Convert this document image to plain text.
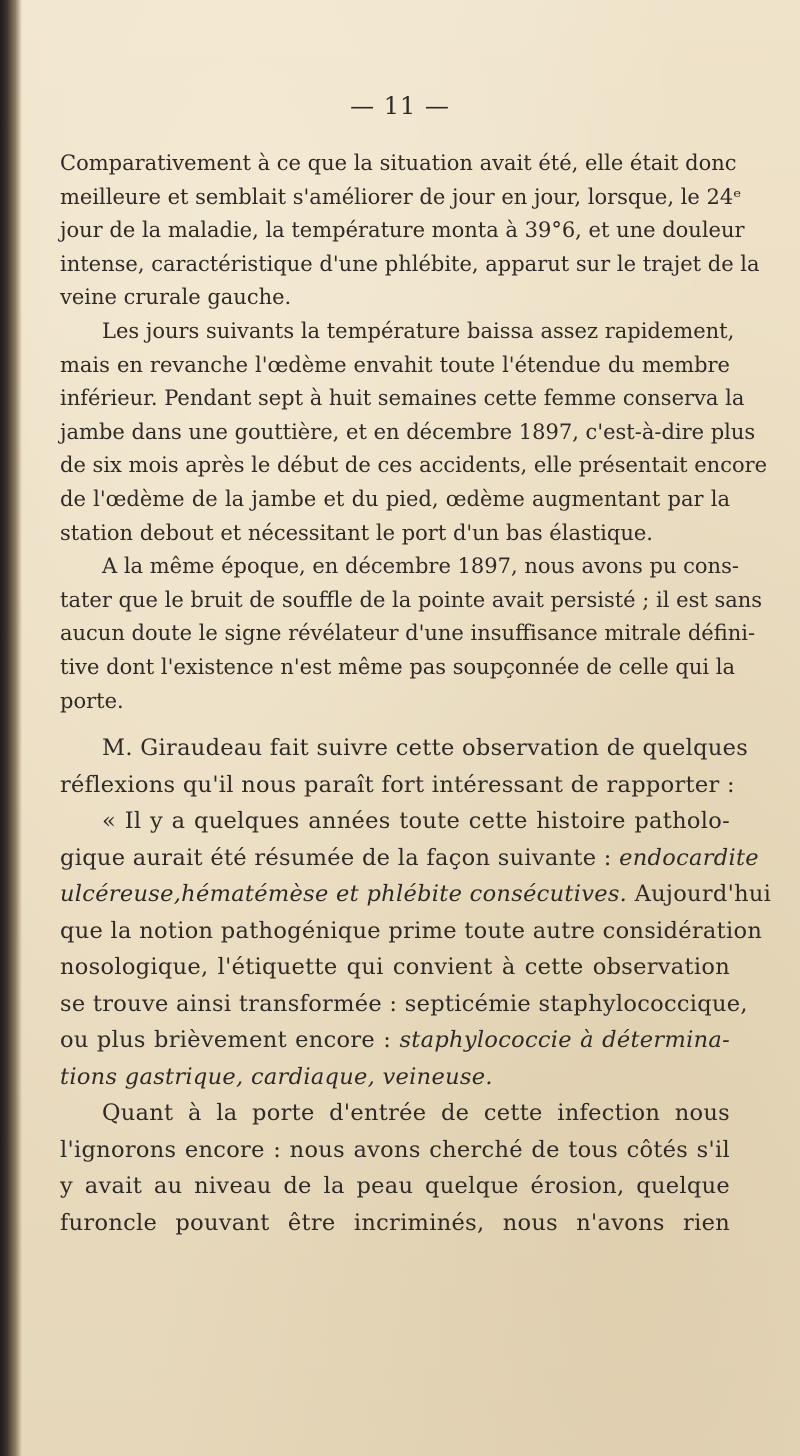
— 11 —
Comparativement à ce que la situation avait été, elle était donc
meilleure et semblait s'améliorer de jour en jour, lorsque, le 24ᵉ
jour de la maladie, la température monta à 39°6, et une douleur
intense, caractéristique d'une phlébite, apparut sur le trajet de la
veine crurale gauche.
Les jours suivants la température baissa assez rapidement,
mais en revanche l'œdème envahit toute l'étendue du membre
inférieur. Pendant sept à huit semaines cette femme conserva la
jambe dans une gouttière, et en décembre 1897, c'est-à-dire plus
de six mois après le début de ces accidents, elle présentait encore
de l'œdème de la jambe et du pied, œdème augmentant par la
station debout et nécessitant le port d'un bas élastique.
A la même époque, en décembre 1897, nous avons pu cons-
tater que le bruit de souffle de la pointe avait persisté ; il est sans
aucun doute le signe révélateur d'une insuffisance mitrale défini-
tive dont l'existence n'est même pas soupçonnée de celle qui la
porte.
M. Giraudeau fait suivre cette observation de quelques
réflexions qu'il nous paraît fort intéressant de rapporter :
« Il y a quelques années toute cette histoire patholo-
gique aurait été résumée de la façon suivante : endocardite
ulcéreuse,hématémèse et phlébite consécutives. Aujourd'hui
que la notion pathogénique prime toute autre considération
nosologique, l'étiquette qui convient à cette observation
se trouve ainsi transformée : septicémie staphylococcique,
ou plus brièvement encore : staphylococcie à détermina-
tions gastrique, cardiaque, veineuse.
Quant à la porte d'entrée de cette infection nous
l'ignorons encore : nous avons cherché de tous côtés s'il
y avait au niveau de la peau quelque érosion, quelque
furoncle pouvant être incriminés, nous n'avons rien
